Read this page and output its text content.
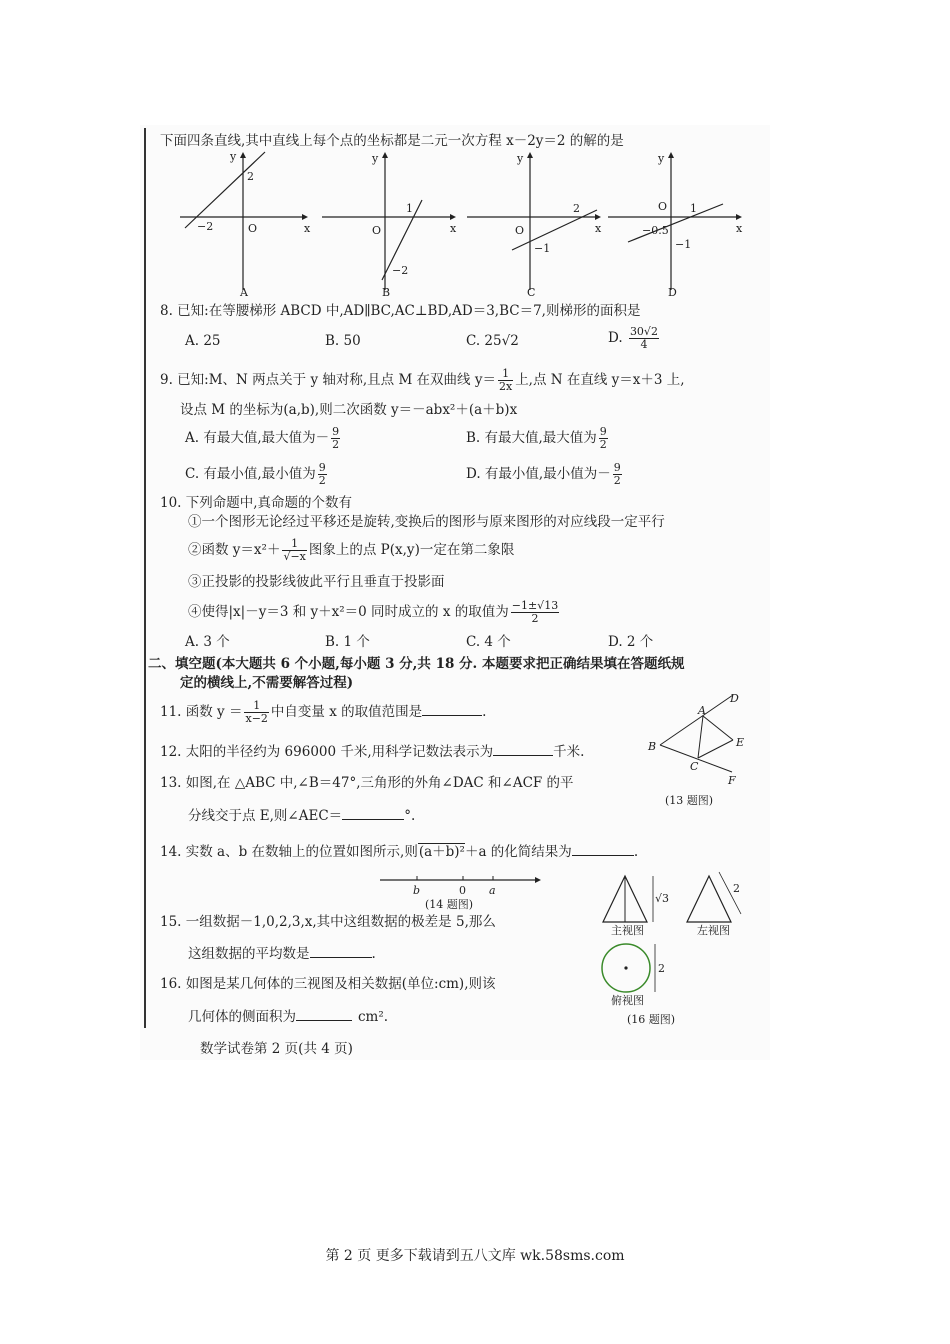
下面四条直线,其中直线上每个点的坐标都是二元一次方程 x－2y＝2 的解的是
y
x
O
−2
2
A
y
x
O
1
−2
B
y
x
O
2
−1
C
y
x
O
−0.5
1
−1
D
8. 已知:在等腰梯形 ABCD 中,AD∥BC,AC⊥BD,AD＝3,BC＝7,则梯形的面积是
A. 25	B. 50	C. 25√2	D. $\frac{30√2}{4}$
9. 已知:M、N 两点关于 y 轴对称,且点 M 在双曲线 $y= \frac{1}{2x}$ 上,点 N 在直线 y＝x＋3 上,
设点 M 的坐标为(a,b),则二次函数 y＝－abx²＋(a＋b)x
A. 有最大值,最大值为－ $\frac{9}{2}$	B. 有最大值,最大值为 $\frac{9}{2}$
C. 有最小值,最小值为 $\frac{9}{2}$	D. 有最小值,最小值为－ $\frac{9}{2}$
10. 下列命题中,真命题的个数有
①一个图形无论经过平移还是旋转,变换后的图形与原来图形的对应线段一定平行
②函数 $y=x^2+ \frac{1}{√-x}$ 图象上的点 P(x,y)一定在第二象限
③正投影的投影线彼此平行且垂直于投影面
④使得|x|－y＝3 和 y＋x²＝0 同时成立的 x 的取值为 $\frac{-1\pm√13}{2}$
A. 3 个	B. 1 个	C. 4 个	D. 2 个
二、填空题(本大题共 6 个小题,每小题 3 分,共 18 分. 本题要求把正确结果填在答题纸规
定的横线上,不需要解答过程)
11. 函数 $y = \frac{1}{x-2}$ 中自变量 x 的取值范围是	.
12. 太阳的半径约为 696000 千米,用科学记数法表示为	千米.
13. 如图,在 △ABC 中,∠B＝47°,三角形的外角∠DAC 和∠ACF 的平
分线交于点 E,则∠AEC＝	°.
A
B
C
D
E
F
(13 题图)
14. 实数 a、b 在数轴上的位置如图所示,则(a＋b)²＋a 的化简结果为	.
b	0 a
(14 题图)
15. 一组数据－1,0,2,3,x,其中这组数据的极差是 5,那么
这组数据的平均数是	.
16. 如图是某几何体的三视图及相关数据(单位:cm),则该
几何体的侧面积为	cm².
√3
主视图
2
左视图
2
俯视图
(16 题图)
数学试卷第 2 页(共 4 页)
第 2 页 更多下载请到五八文库 wk.58sms.com
